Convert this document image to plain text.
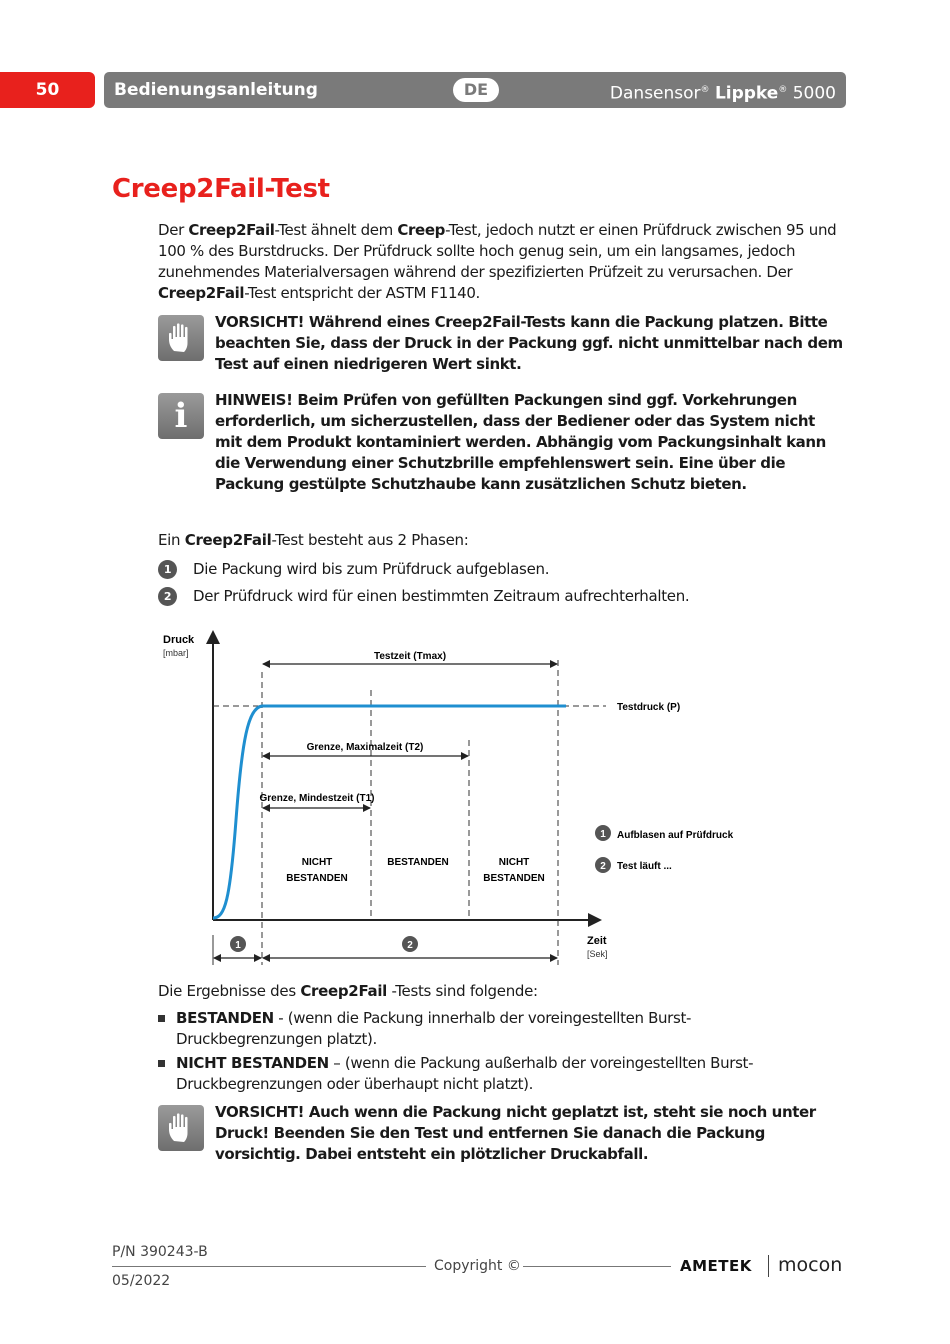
50	Bedienungsanleitung	DE	Dansensor® Lippke® 5000
Creep2Fail-Test
Der Creep2Fail-Test ähnelt dem Creep-Test, jedoch nutzt er einen Prüfdruck zwischen 95 und 100 % des Burstdrucks. Der Prüfdruck sollte hoch genug sein, um ein langsames, jedoch zunehmendes Materialversagen während der spezifizierten Prüfzeit zu verursachen. Der Creep2Fail-Test entspricht der ASTM F1140.
VORSICHT! Während eines Creep2Fail-Tests kann die Packung platzen. Bitte beachten Sie, dass der Druck in der Packung ggf. nicht unmittelbar nach dem Test auf einen niedrigeren Wert sinkt.
i HINWEIS! Beim Prüfen von gefüllten Packungen sind ggf. Vorkehrungen erforderlich, um sicherzustellen, dass der Bediener oder das System nicht mit dem Produkt kontaminiert werden. Abhängig vom Packungsinhalt kann die Verwendung einer Schutzbrille empfehlenswert sein. Eine über die Packung gestülpte Schutzhaube kann zusätzlichen Schutz bieten.
Ein Creep2Fail-Test besteht aus 2 Phasen:
1 Die Packung wird bis zum Prüfdruck aufgeblasen.
2 Der Prüfdruck wird für einen bestimmten Zeitraum aufrechterhalten.
Druck
[mbar]
Zeit
[Sek]
Testdruck (P)
Testzeit (Tmax)
Grenze, Maximalzeit (T2)
Grenze, Mindestzeit (T1)
NICHT
BESTANDEN
BESTANDEN	NICHT
BESTANDEN
1 Aufblasen auf Prüfdruck
2 Test läuft ...
1	2
Die Ergebnisse des Creep2Fail -Tests sind folgende:
BESTANDEN - (wenn die Packung innerhalb der voreingestellten Burst-Druckbegrenzungen platzt).
NICHT BESTANDEN – (wenn die Packung außerhalb der voreingestellten Burst-Druckbegrenzungen oder überhaupt nicht platzt).
VORSICHT! Auch wenn die Packung nicht geplatzt ist, steht sie noch unter Druck! Beenden Sie den Test und entfernen Sie danach die Packung vorsichtig. Dabei entsteht ein plötzlicher Druckabfall.
P/N 390243-B
Copyright ©
05/2022
AMETEK mocon
